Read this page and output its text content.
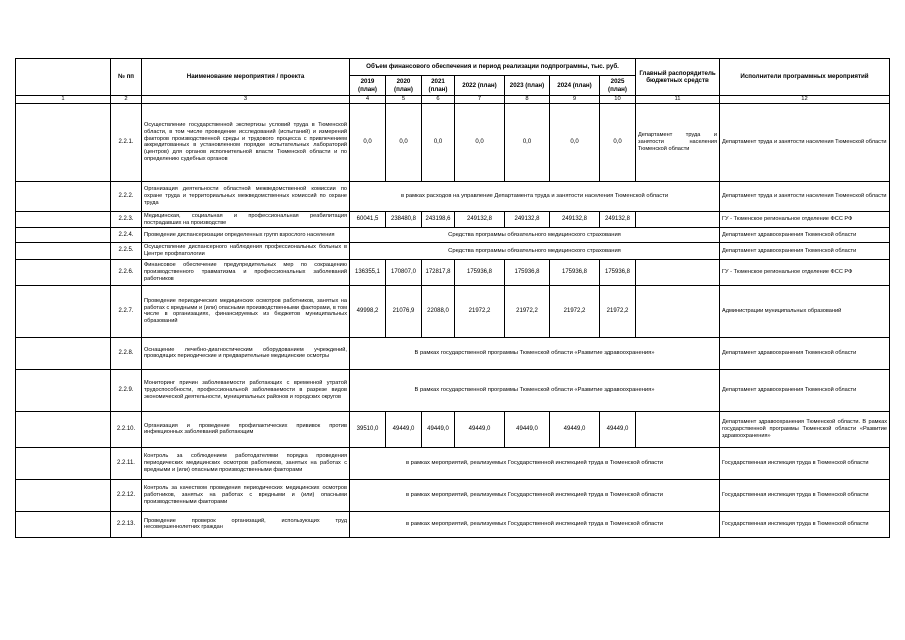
	№ пп	Наименование мероприятия / проекта	Объем финансового обеспечения и период реализации подпрограммы, тыс. руб.							Главный распорядитель бюджетных средств	Исполнители программных мероприятий
			2019 (план)	2020 (план)	2021 (план)	2022 (план)	2023 (план)	2024 (план)	2025 (план)		
1	2	3	4	5	6	7	8	9	10	11	12
	2.2.1.	Осуществление государственной экспертизы условий труда в Тюменской области, в том числе проведение исследований (испытаний) и измерений факторов производственной среды и трудового процесса с привлечением аккредитованных в установленном порядке испытательных лабораторий (центров) для органов исполнительной власти Тюменской области и по определению судебных органов	0,0	0,0	0,0	0,0	0,0	0,0	0,0	Департамент труда и занятости населения Тюменской области	Департамент труда и занятости населения Тюменской области
	2.2.2.	Организация деятельности областной межведомственной комиссии по охране труда и территориальных межведомственных комиссий по охране труда	в рамках расходов на управление Департамента труда и занятости населения Тюменской области								Департамент труда и занятости населения Тюменской области
	2.2.3.	Медицинская, социальная и профессиональная реабилитация пострадавших на производстве	60041,5	238480,8	243198,6	249132,8	249132,8	249132,8	249132,8		ГУ - Тюменское региональное отделение ФСС РФ
	2.2.4.	Проведение диспансеризации определенных групп взрослого населения	Средства программы обязательного медицинского страхования								Департамент здравоохранения Тюменской области
	2.2.5.	Осуществление диспансерного наблюдения профессиональных больных в Центре профпатологии	Средства программы обязательного медицинского страхования								Департамент здравоохранения Тюменской области
	2.2.6.	Финансовое обеспечение предупредительных мер по сокращению производственного травматизма и профессиональных заболеваний работников	136355,1	170807,0	172817,8	175936,8	175936,8	175936,8	175936,8		ГУ - Тюменское региональное отделение ФСС РФ
	2.2.7.	Проведение периодических медицинских осмотров работников, занятых на работах с вредными и (или) опасными производственными факторами, в том числе в организациях, финансируемых из бюджетов муниципальных образований	49998,2	21076,9	22088,0	21972,2	21972,2	21972,2	21972,2		Администрации муниципальных образований
	2.2.8.	Оснащение лечебно-диагностическим оборудованием учреждений, проводящих периодические и предварительные медицинские осмотры	В рамках государственной программы Тюменской области «Развитие здравоохранения»								Департамент здравоохранения Тюменской области
	2.2.9.	Мониторинг причин заболеваемости работающих с временной утратой трудоспособности, профессиональной заболеваемости в разрезе видов экономической деятельности, муниципальных районов и городских округов	В рамках государственной программы Тюменской области «Развитие здравоохранения»								Департамент здравоохранения Тюменской области
	2.2.10.	Организация и проведение профилактических прививок против инфекционных заболеваний работающим	39510,0	49449,0	49449,0	49449,0	49449,0	49449,0	49449,0		Департамент здравоохранения Тюменской области. В рамках государственной программы Тюменской области «Развитие здравоохранения»
	2.2.11.	Контроль за соблюдением работодателями порядка проведения периодических медицинских осмотров работников, занятых на работах с вредными и (или) опасными производственными факторами	в рамках мероприятий, реализуемых Государственной инспекцией труда в Тюменской области								Государственная инспекция труда в Тюменской области
	2.2.12.	Контроль за качеством проведения периодических медицинских осмотров работников, занятых на работах с вредными и (или) опасными производственными факторами	в рамках мероприятий, реализуемых Государственной инспекцией труда в Тюменской области								Государственная инспекция труда в Тюменской области
	2.2.13.	Проведение проверок организаций, использующих труд несовершеннолетних граждан	в рамках мероприятий, реализуемых Государственной инспекцией труда в Тюменской области								Государственная инспекция труда в Тюменской области
